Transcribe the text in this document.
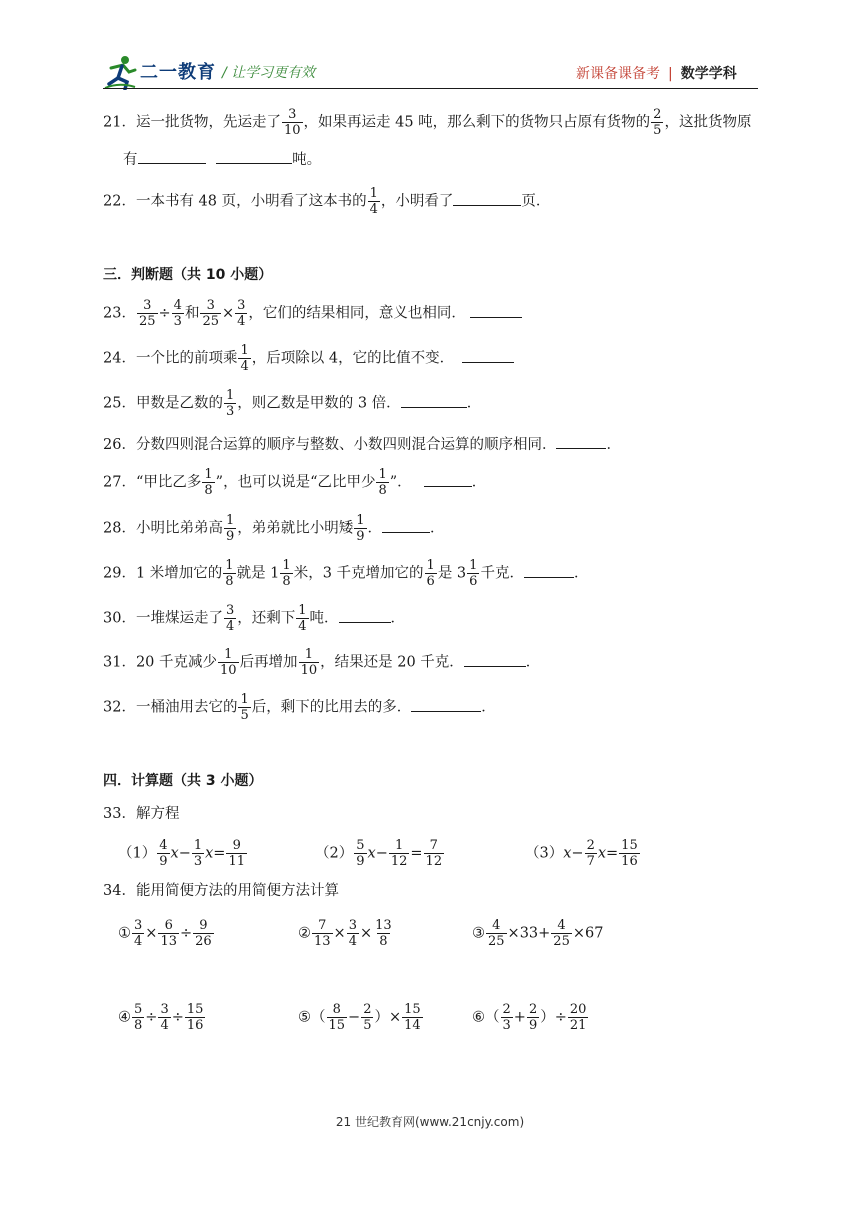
二一教育 / 让学习更有效	新课备课备考 | 数学学科
21．运一批货物，先运走了 $\frac{3}{10}$ ，如果再运走 45 吨，那么剩下的货物只占原有货物的 $\frac{2}{5}$ ，这批货物原
有	吨。
22．一本书有 48 页，小明看了这本书的 $\frac{1}{4}$ ，小明看了	页．
三．判断题（共 10 小题）
23． $\frac{3}{25} \div \frac{4}{3}$ 和 $\frac{3}{25} \times \frac{3}{4}$ ，它们的结果相同，意义也相同．
24．一个比的前项乘 $\frac{1}{4}$ ，后项除以 4，它的比值不变．
25．甲数是乙数的 $\frac{1}{3}$ ，则乙数是甲数的 3 倍．	．
26．分数四则混合运算的顺序与整数、小数四则混合运算的顺序相同．	．
27．“甲比乙多 $\frac{1}{8}$ ”，也可以说是“乙比甲少 $\frac{1}{8}$ ”．	．
28．小明比弟弟高 $\frac{1}{9}$ ，弟弟就比小明矮 $\frac{1}{9}$ ．	．
29．1 米增加它的 $\frac{1}{8}$ 就是 $1 \frac{1}{8}$ 米，3 千克增加它的 $\frac{1}{6}$ 是 $3 \frac{1}{6}$ 千克．	．
30．一堆煤运走了 $\frac{3}{4}$ ，还剩下 $\frac{1}{4}$ 吨．	．
31．20 千克减少 $\frac{1}{10}$ 后再增加 $\frac{1}{10}$ ，结果还是 20 千克．	．
32．一桶油用去它的 $\frac{1}{5}$ 后，剩下的比用去的多．	．
四．计算题（共 3 小题）
33．解方程
$(1) \frac{4}{9} x- \frac{1}{3} x= \frac{9}{11}$	$(2) \frac{5}{9} x- \frac{1}{12} = \frac{7}{12}$	$(3)x- \frac{2}{7} x= \frac{15}{16}$
34．能用简便方法的用简便方法计算
① $\frac{3}{4} \times \frac{6}{13} \div \frac{9}{26}$	② $\frac{7}{13} \times \frac{3}{4} \times \frac{13}{8}$	③ $\frac{4}{25} \times 33+ \frac{4}{25} \times 67$
④ $\frac{5}{8} \div \frac{3}{4} \div \frac{15}{16}$	⑤（ $\frac{8}{15} - \frac{2}{5}$ ）× $\frac{15}{14}$	⑥（ $\frac{2}{3} + \frac{2}{9}$ ）÷ $\frac{20}{21}$
21 世纪教育网(www.21cnjy.com)
